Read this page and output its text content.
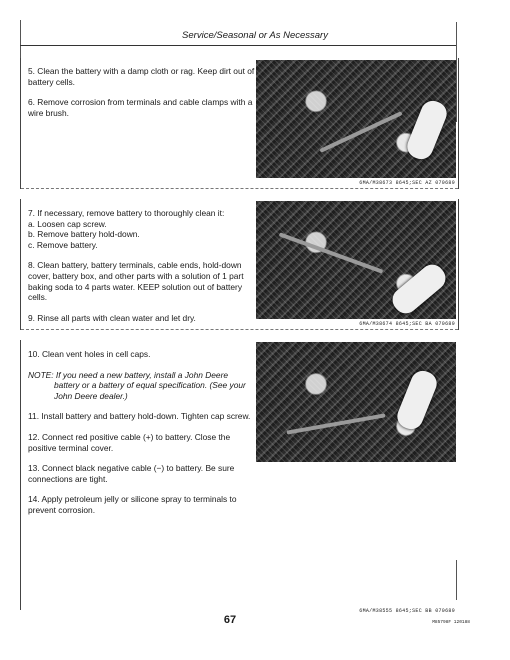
Service/Seasonal or As Necessary

5. Clean the battery with a damp cloth or rag. Keep dirt out of battery cells.

6. Remove corrosion from terminals and cable clamps with a wire brush.

6MA/M38673 8645;SEC AZ 070689

7. If necessary, remove battery to thoroughly clean it:

a. Loosen cap screw.

b. Remove battery hold-down.

c. Remove battery.

8. Clean battery, battery terminals, cable ends, hold-down cover, battery box, and other parts with a solution of 1 part baking soda to 4 parts water. KEEP solution out of battery cells.

9. Rinse all parts with clean water and let dry.

6MA/M38674 8645;SEC BA 070689

10. Clean vent holes in cell caps.

NOTE: If you need a new battery, install a John Deere
battery or a battery of equal specification. (See your John Deere dealer.)

11. Install battery and battery hold-down. Tighten cap screw.

12. Connect red positive cable (+) to battery. Close the positive terminal cover.

13. Connect black negative cable (−) to battery. Be sure connections are tight.

14. Apply petroleum jelly or silicone spray to terminals to prevent corrosion.

6MA/M38555 8645;SEC BB 070689
67	M85798F 120188
